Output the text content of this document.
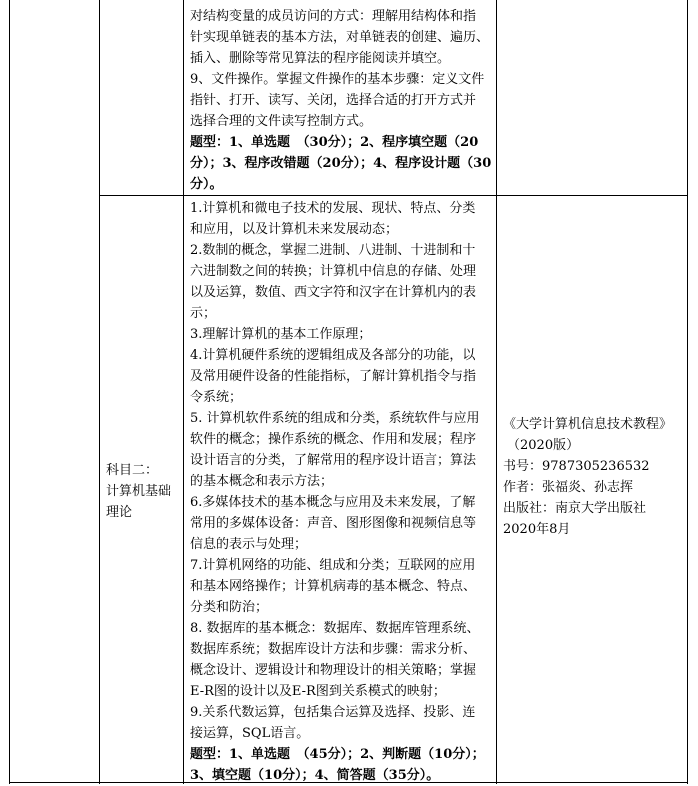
对结构变量的成员访问的方式：理解用结构体和指
针实现单链表的基本方法，对单链表的创建、遍历、
插入、删除等常见算法的程序能阅读并填空。
9、文件操作。掌握文件操作的基本步骤：定义文件
指针、打开、读写、关闭，选择合适的打开方式并
选择合理的文件读写控制方式。
题型：1、单选题　（30分）；2、程序填空题（20
分）；3、程序改错题（20分）；4、程序设计题（30
分）。
科目二：
计算机基础
理论
1.计算机和微电子技术的发展、现状、特点、分类
和应用，以及计算机未来发展动态；
2.数制的概念，掌握二进制、八进制、十进制和十
六进制数之间的转换；计算机中信息的存储、处理
以及运算，数值、西文字符和汉字在计算机内的表
示；
3.理解计算机的基本工作原理；
4.计算机硬件系统的逻辑组成及各部分的功能，以
及常用硬件设备的性能指标，了解计算机指令与指
令系统；
5. 计算机软件系统的组成和分类，系统软件与应用
软件的概念；操作系统的概念、作用和发展；程序
设计语言的分类，了解常用的程序设计语言；算法
的基本概念和表示方法；
6.多媒体技术的基本概念与应用及未来发展，了解
常用的多媒体设备：声音、图形图像和视频信息等
信息的表示与处理；
7.计算机网络的功能、组成和分类；互联网的应用
和基本网络操作；计算机病毒的基本概念、特点、
分类和防治；
8. 数据库的基本概念：数据库、数据库管理系统、
数据库系统；数据库设计方法和步骤：需求分析、
概念设计、逻辑设计和物理设计的相关策略；掌握
E-R图的设计以及E-R图到关系模式的映射；
9.关系代数运算，包括集合运算及选择、投影、连
接运算，SQL语言。
题型：1、单选题　（45分）；2、判断题（10分）；
3、填空题（10分）；4、简答题（35分）。
《大学计算机信息技术教程》
（2020版）
书号：9787305236532
作者：张福炎、孙志挥
出版社：南京大学出版社
2020年8月
